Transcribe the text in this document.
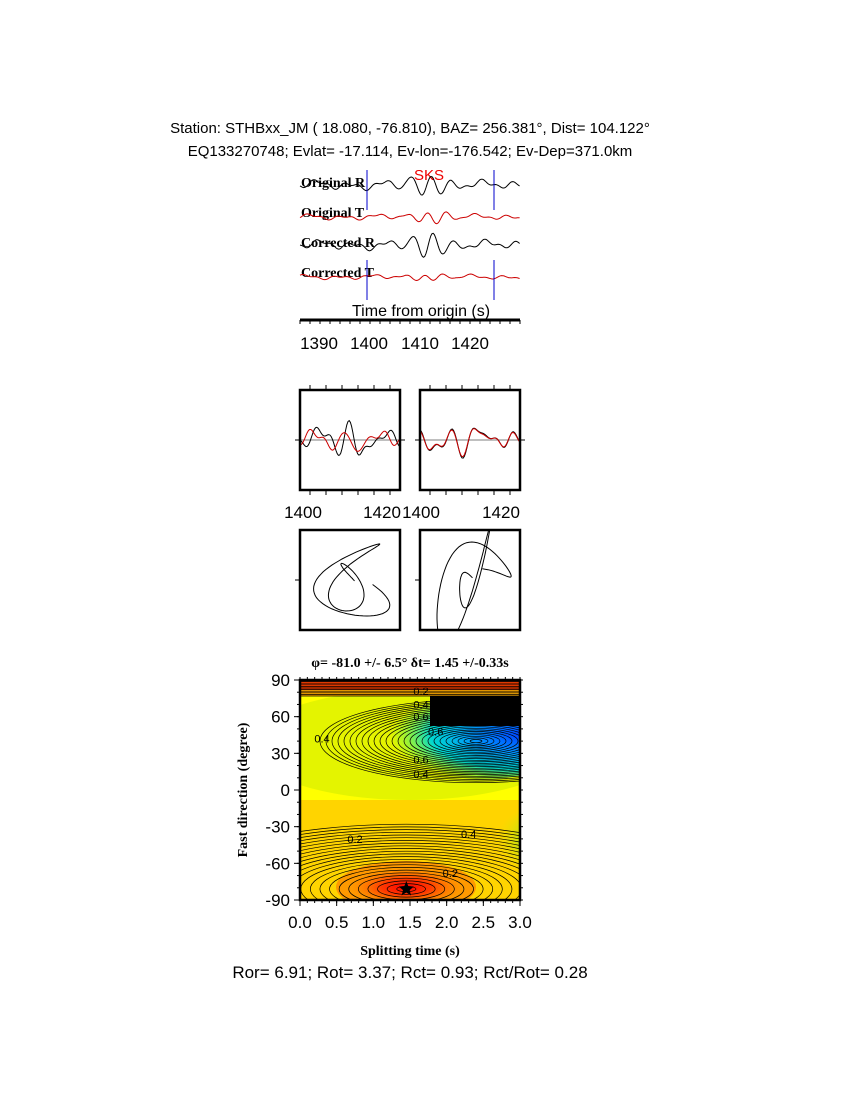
Station: STHBxx_JM ( 18.080, -76.810), BAZ= 256.381°, Dist= 104.122°
EQ133270748; Evlat= -17.114, Ev-lon=-176.542; Ev-Dep=371.0km
SKS
Original R
Original T
Corrected R
Corrected T
Time from origin (s)
1390 1400 1410 1420
1400 1420 1400 1420
φ= -81.0 +/- 6.5° δt= 1.45 +/-0.33s
0.0 0.5 1.0 1.5 2.0 2.5 3.0
90
60
30
0
-30
-60
-90
0.2
0.4
0.6
0.6
0.4
0.4
0.6
0.2	0.4
0.2
0
0
Splitting time (s)
Fast direction (degree)
Ror= 6.91; Rot= 3.37; Rct= 0.93; Rct/Rot= 0.28
